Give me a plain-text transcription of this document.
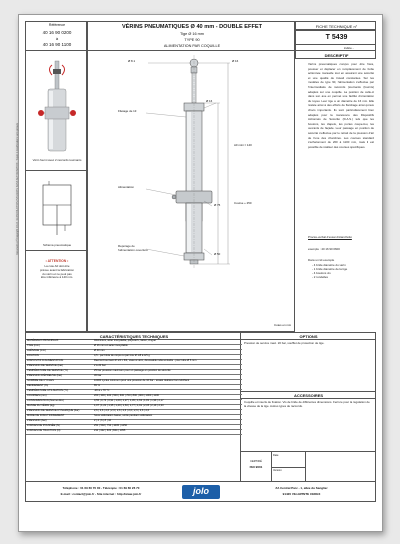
Référence
40 16 90 0200
à
40 16 90 1100
VÉRINS PNEUMATIQUES Ø 40 mm - DOUBLE EFFET
Tige Ø 16 mm
TYPE 90
ALIMENTATION PAR COQUILLE
FICHE TECHNIQUE n°
T 5439
indice -
DESCRIPTIF
Vérins pneumatiques conçus pour être fixés, pousser et déplacer en remplacement de boîte actionnée manuelle tout en assurant une sécurité et une qualité de travail constantes. Sur les modèles de type 90, l'alimentation s'effectue par l'intermédiaire de raccords (tournants (fournis) adaptés sur une coquille. La position de celle-ci dans son axe en permet une facilité d'orientation du tuyau. Leur tige a un diamètre de 16 mm. Elle résiste ainsi à des efforts de flambage ainsi qu'aux chocs importants. Ils sont particulièrement bien adaptés pour la manœuvre des Dispositifs Actionnés de Sécurité (D.A.S.) tels que les boutons, les clapets, les portes coupe-feu, les ouvrants de façade. Leur passage en position de sécurité s'effectue par le retrait de la pression d'air de l'une des chambres. Les courses standard s'échelonnent de 200 à 1100 mm, mais il est possible de réaliser des courses spécifiques.
Procès-verbal d'essai d'étanchéité
exemple : 40 16 90 0600
Dans un kit exemple
- 4 bride diamètre du vérin
- 1 bride diamètre de la tige
- 4 boulons vis
- 2 rondelles
Vérin fourni avec 2 raccords tournants
Schéma pneumatique
• ATTENTION •
La cote A0 doit être prévue avant la fabrication du vérin et ne peut pas être inférieure à 140 mm.
Document et ©Copyright JOLO, REPRODUCTION INTERDITE SANS AUTORISATION - Sujets à modifications sans préavis
Ø 8.1	Ø 16
Ø 16
Filetage de 13
A0 mini = 140
Course + 250
Alimentation
Ø 75
Ø 50
Repérage de l'alimentation ouverture
Cotes en mm
CARACTÉRISTIQUES TECHNIQUES
MATÉRIAUX PRINCIPAUX	Aluminium, acier inoxydable, polyuréth., laiton, zingué
TIGE (mm)	Ø 16 mm en acier inoxydable
ALÉSAGE (mm)	Ø 40 mm
FIXATION	4,5 - par bride de corps ou par trou Ø 1/8 à 4/5 g
DISPOSITIF D'ALIMENTATION	Raccord tournant Ø 1/4 x 6/4, vissé à vérin, dévissable indémontable - pour tube Ø 6 mm
PRESSION DE SERVICE (bar)	2 à 20 bar
TEMPÉRATURE DE SERVICE (°C)	25 bar pression maximum pour un passage en position de sécurité
PRESSION D'ÉPREUVE (bar)	30 bar
NOMBRE DE CYCLES	10000 cycles minimum pour une pression de 10 bar - essais réalisés hors lubrifiant
RENDEMENT (%)	85 %
TEMPÉRATURE UTILISATION (°C)	-20 à + 70 °C
COURSES (mm)	200 | 300 | 400 | 500 | 600 | 700 | 800 | 900 | 1000 | 1100
CONSOMMATION (Normo-litre)	0,55 | 0,73 | 0,91 | 1,09 | 1,27 | 1,45 | 1,63 | 1,81 | 1,99 | 2,17
MASSE DU VÉRIN (kg)	1,07 | 1,21 | 1,35 | 1,49 | 1,63 | 1,77 | 1,91 | 2,05 | 2,19 | 2,33
PRESSION DE SERVICE DYNAMIQUE (bar)	2,6 | 2,6 | 2,6 | 2,6 | 2,6 | 2,6 | 2,6 | 2,6 | 2,6 | 2,6
MODE DE FONCTIONNEMENT	Sous sollicitation basse, sortie pendant sollicitation
PRESSION (bar)	2 | 4 | 6 | 8 | 10
FORCES DE POUSSÉE (N)	251 | 502 | 754 | 1005 | 1256
FORCES DE TRACTION (N)	211 | 422 | 633 | 844 | 1055
OPTIONS
Pression de service maxi. 20 bar, soufflet de protection de tige.
ACCESSOIRES
Coquille et inserts de fixation. Vis de bride de différentes dimensions. Ferrure pour la régulation de la vitesse de la tige. Autres types de raccords.
CERTIFIÉ
ISO 9001
Date
Version
Téléphone : 01 69 60 70 00 - Télécopie : 01 69 60 26 70
E-mail : contact@jolo.fr - Site internet : http://www.jolo.fr	jolo	ZA Central Parc - 1, allée du Sanglier
91420 VILLEPINTE CEDEX
